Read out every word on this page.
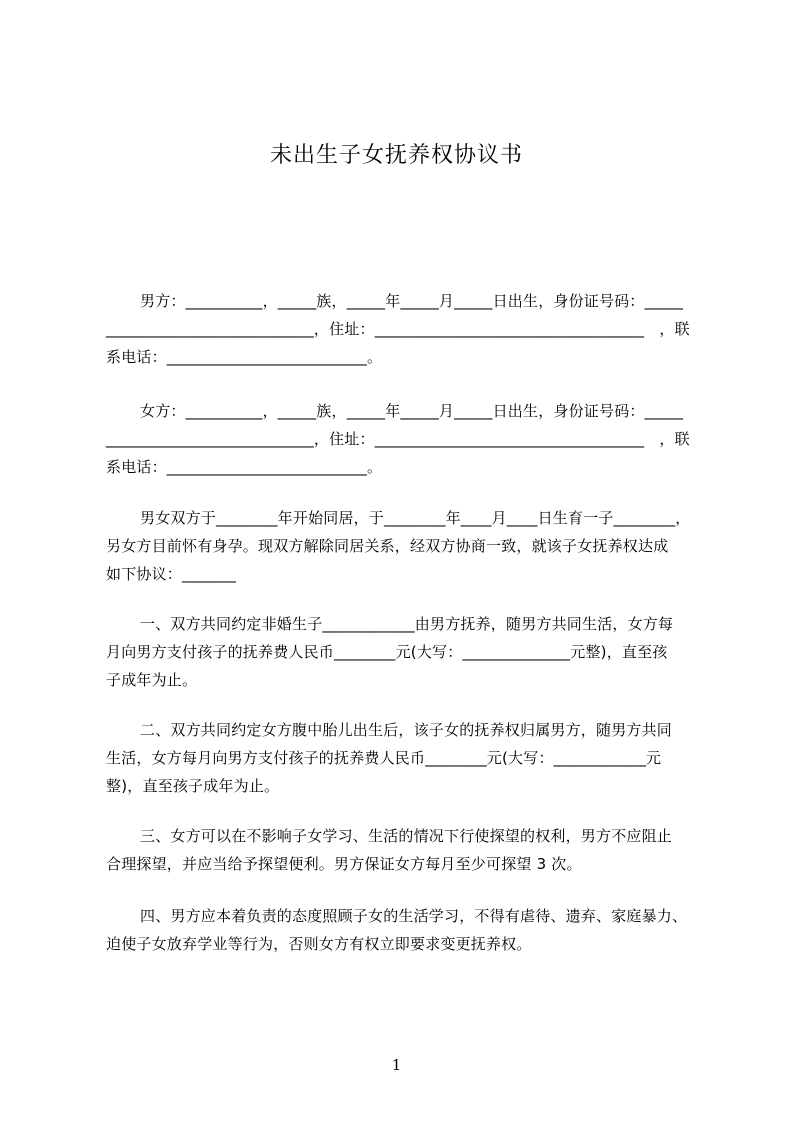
未出生子女抚养权协议书
男方：__________，_____族，_____年_____月_____日出生，身份证号码：_____
___________________________，住址：___________________________________　，联
系电话：__________________________。
女方：__________，_____族，_____年_____月_____日出生，身份证号码：_____
___________________________，住址：___________________________________　，联
系电话：__________________________。
男女双方于________年开始同居，于________年____月____日生育一子________，
另女方目前怀有身孕。现双方解除同居关系，经双方协商一致，就该子女抚养权达成
如下协议：_______
一、双方共同约定非婚生子____________由男方抚养，随男方共同生活，女方每
月向男方支付孩子的抚养费人民币________元(大写：______________元整)，直至孩
子成年为止。
二、双方共同约定女方腹中胎儿出生后，该子女的抚养权归属男方，随男方共同
生活，女方每月向男方支付孩子的抚养费人民币________元(大写：____________元
整)，直至孩子成年为止。
三、女方可以在不影响子女学习、生活的情况下行使探望的权利，男方不应阻止
合理探望，并应当给予探望便利。男方保证女方每月至少可探望 3 次。
四、男方应本着负责的态度照顾子女的生活学习，不得有虐待、遗弃、家庭暴力、
迫使子女放弃学业等行为，否则女方有权立即要求变更抚养权。
1
